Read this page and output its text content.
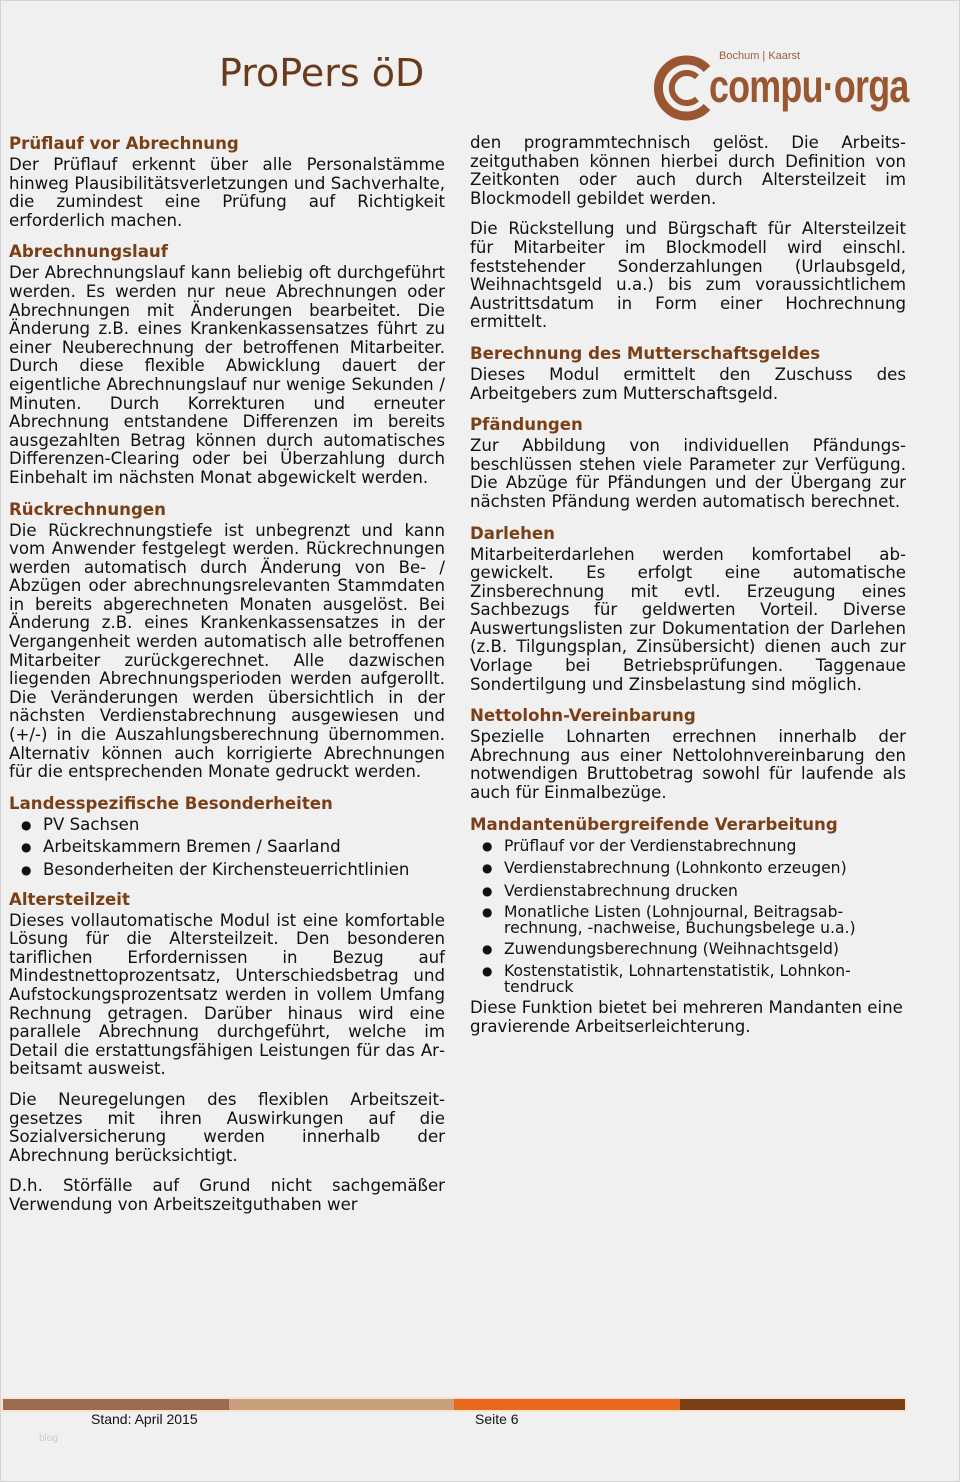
ProPers öD	Bochum | Kaarst
compu·orga
Prüflauf vor Abrechnung

Der Prüflauf erkennt über alle Personalstämme hinweg Plausibilitätsverletzungen und Sachverhalte, die zumindest eine Prüfung auf Richtigkeit erforderlich machen.

Abrechnungslauf

Der Abrechnungslauf kann beliebig oft durchgeführt werden. Es werden nur neue Abrechnungen oder Abrechnungen mit Änderungen bearbeitet. Die Änderung z.B. eines Krankenkassensatzes führt zu einer Neuberechnung der betroffenen Mitarbeiter. Durch diese flexible Abwicklung dauert der eigentliche Abrechnungslauf nur wenige Sekunden / Minuten. Durch Korrekturen und erneuter Abrechnung entstandene Differenzen im bereits ausgezahlten Betrag können durch automatisches Differenzen-Clearing oder bei Überzahlung durch Einbehalt im nächsten Monat abgewickelt werden.

Rückrechnungen

Die Rückrechnungstiefe ist unbegrenzt und kann vom Anwender festgelegt werden. Rückrechnungen werden automatisch durch Änderung von Be- / Abzügen oder abrechnungsrelevanten Stammdaten in bereits abgerechneten Monaten ausgelöst. Bei Änderung z.B. eines Krankenkassensatzes in der Vergangenheit werden automatisch alle betroffenen Mitarbeiter zurückgerechnet. Alle dazwischen liegenden Abrechnungsperioden werden aufgerollt. Die Veränderungen werden übersichtlich in der nächsten Verdienstabrechnung ausgewiesen und (+/-) in die Auszahlungsberechnung übernommen. Alternativ können auch korrigierte Abrechnungen für die entsprechenden Monate gedruckt werden.

Landesspezifische Besonderheiten
● PV Sachsen
● Arbeitskammern Bremen / Saarland
● Besonderheiten der Kirchensteuerrichtlinien
Altersteilzeit

Dieses vollautomatische Modul ist eine komfortable Lösung für die Altersteilzeit. Den besonderen tariflichen Erfordernissen in Bezug auf Mindestnettoprozentsatz, Unterschiedsbetrag und Aufstockungsprozentsatz werden in vollem Umfang Rechnung getragen. Darüber hinaus wird eine parallele Abrechnung durchgeführt, welche im Detail die erstattungsfähigen Leistungen für das Arbeitsamt ausweist.

Die Neuregelungen des flexiblen Arbeitszeitgesetzes mit ihren Auswirkungen auf die Sozialversicherung werden innerhalb der Abrechnung berücksichtigt.

D.h. Störfälle auf Grund nicht sachgemäßer Verwendung von Arbeitszeitguthaben wer

den programmtechnisch gelöst. Die Arbeitszeitguthaben können hierbei durch Definition von Zeitkonten oder auch durch Altersteilzeit im Blockmodell gebildet werden.

Die Rückstellung und Bürgschaft für Altersteilzeit für Mitarbeiter im Blockmodell wird einschl. feststehender Sonderzahlungen (Urlaubsgeld, Weihnachtsgeld u.a.) bis zum voraussichtlichem Austrittsdatum in Form einer Hochrechnung ermittelt.

Berechnung des Mutterschaftsgeldes

Dieses Modul ermittelt den Zuschuss des Arbeitgebers zum Mutterschaftsgeld.

Pfändungen

Zur Abbildung von individuellen Pfändungsbeschlüssen stehen viele Parameter zur Verfügung. Die Abzüge für Pfändungen und der Übergang zur nächsten Pfändung werden automatisch berechnet.

Darlehen

Mitarbeiterdarlehen werden komfortabel abgewickelt. Es erfolgt eine automatische Zinsberechnung mit evtl. Erzeugung eines Sachbezugs für geldwerten Vorteil. Diverse Auswertungslisten zur Dokumentation der Darlehen (z.B. Tilgungsplan, Zinsübersicht) dienen auch zur Vorlage bei Betriebsprüfungen. Taggenaue Sondertilgung und Zinsbelastung sind möglich.

Nettolohn-Vereinbarung

Spezielle Lohnarten errechnen innerhalb der Abrechnung aus einer Nettolohnvereinbarung den notwendigen Bruttobetrag sowohl für laufende als auch für Einmalbezüge.

Mandantenübergreifende Verarbeitung
● Prüflauf vor der Verdienstabrechnung
● Verdienstabrechnung (Lohnkonto erzeugen)
● Verdienstabrechnung drucken
● Monatliche Listen (Lohnjournal, Beitragsabrechnung, -nachweise, Buchungsbelege u.a.)
● Zuwendungsberechnung (Weihnachtsgeld)
● Kostenstatistik, Lohnartenstatistik, Lohnkontendruck

Diese Funktion bietet bei mehreren Mandanten eine gravierende Arbeitserleichterung.

Stand: April 2015	Seite 6
blog
